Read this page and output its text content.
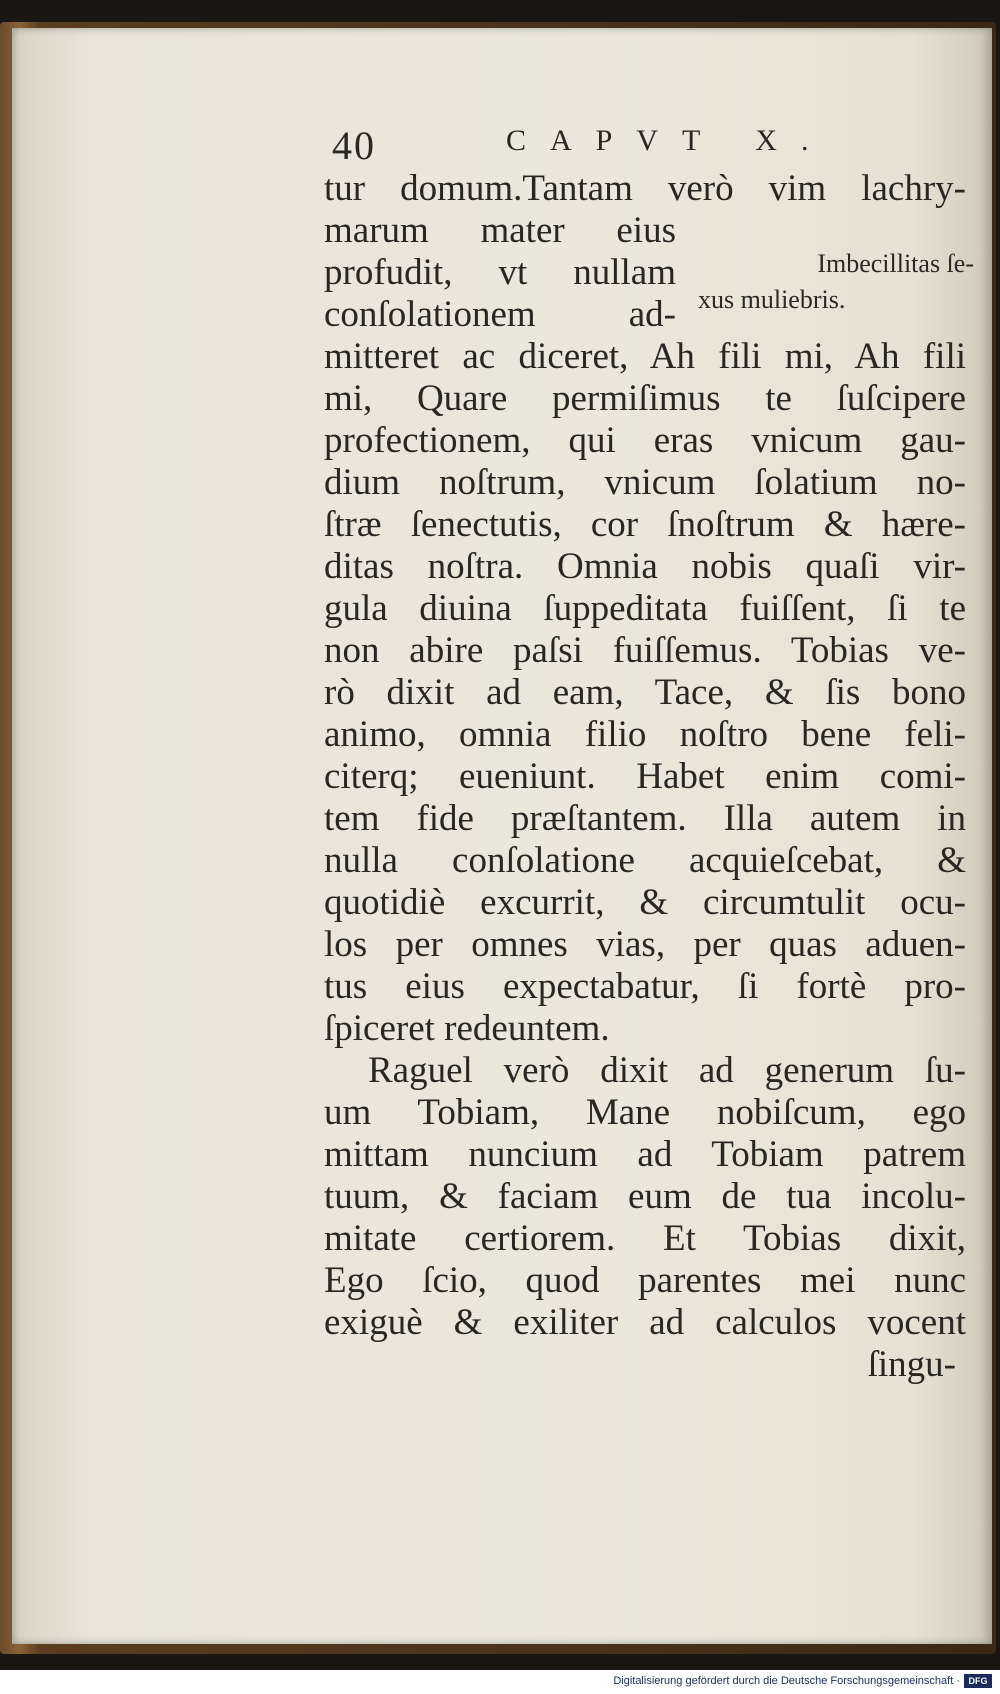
40	CAPVT X.
tur domum.Tantam verò vim lachry-
marum mater eius
profudit, vt nullam
conſolationem ad-
mitteret ac diceret, Ah fili mi, Ah fili
mi, Quare permiſimus te ſuſcipere
profectionem, qui eras vnicum gau-
dium noſtrum, vnicum ſolatium no-
ſtræ ſenectutis, cor ſnoſtrum & hære-
ditas noſtra. Omnia nobis quaſi vir-
gula diuina ſuppeditata fuiſſent, ſi te
non abire paſsi fuiſſemus. Tobias ve-
rò dixit ad eam, Tace, & ſis bono
animo, omnia filio noſtro bene feli-
citerq; eueniunt. Habet enim comi-
tem fide præſtantem. Illa autem in
nulla conſolatione acquieſcebat, &
quotidiè excurrit, & circumtulit ocu-
los per omnes vias, per quas aduen-
tus eius expectabatur, ſi fortè pro-
ſpiceret redeuntem.
Raguel verò dixit ad generum ſu-
um Tobiam, Mane nobiſcum, ego
mittam nuncium ad Tobiam patrem
tuum, & faciam eum de tua incolu-
mitate certiorem. Et Tobias dixit,
Ego ſcio, quod parentes mei nunc
exiguè & exiliter ad calculos vocent
ſingu-
Imbecillitas ſe-
xus muliebris.
Digitalisierung gefördert durch die Deutsche Forschungsgemeinschaft · DFG
